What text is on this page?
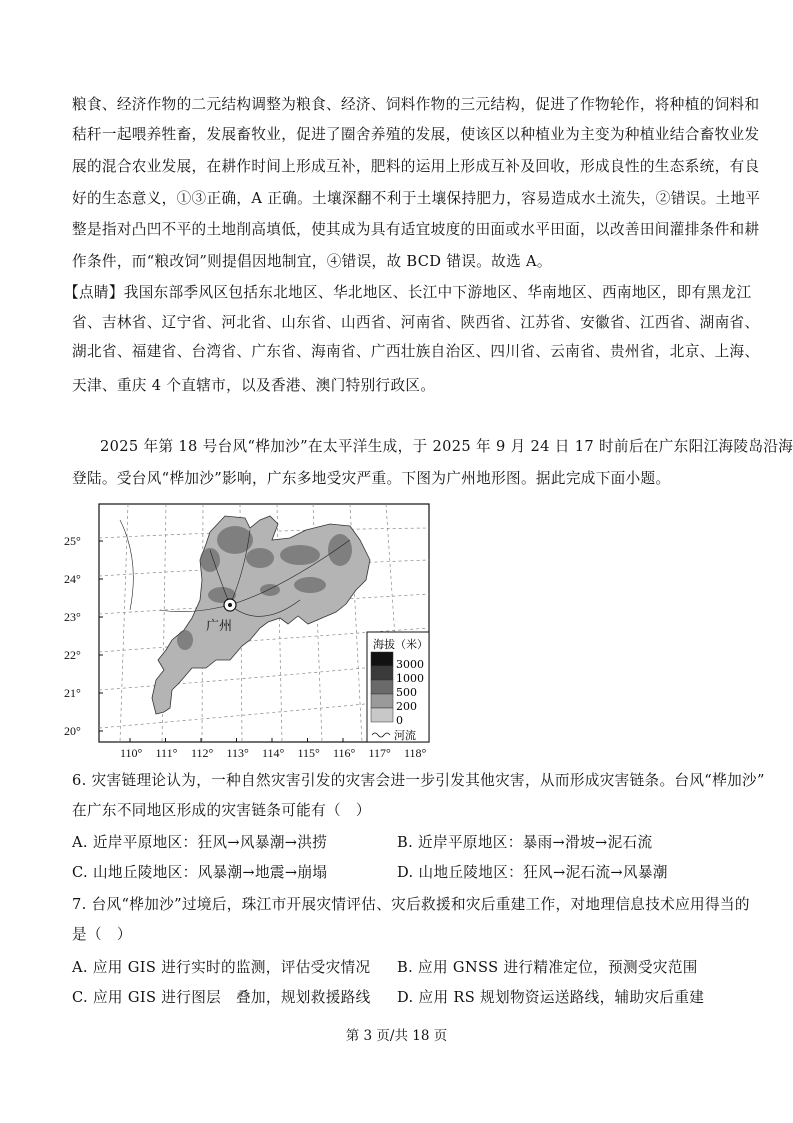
粮食、经济作物的二元结构调整为粮食、经济、饲料作物的三元结构，促进了作物轮作，将种植的饲料和
秸秆一起喂养牲畜，发展畜牧业，促进了圈舍养殖的发展，使该区以种植业为主变为种植业结合畜牧业发
展的混合农业发展，在耕作时间上形成互补，肥料的运用上形成互补及回收，形成良性的生态系统，有良
好的生态意义，①③正确，A 正确。土壤深翻不利于土壤保持肥力，容易造成水土流失，②错误。土地平
整是指对凸凹不平的土地削高填低，使其成为具有适宜坡度的田面或水平田面，以改善田间灌排条件和耕
作条件，而“粮改饲”则提倡因地制宜，④错误，故 BCD 错误。故选 A。
【点睛】我国东部季风区包括东北地区、华北地区、长江中下游地区、华南地区、西南地区，即有黑龙江
省、吉林省、辽宁省、河北省、山东省、山西省、河南省、陕西省、江苏省、安徽省、江西省、湖南省、
湖北省、福建省、台湾省、广东省、海南省、广西壮族自治区、四川省、云南省、贵州省，北京、上海、
天津、重庆 4 个直辖市，以及香港、澳门特别行政区。
2025 年第 18 号台风“桦加沙”在太平洋生成，于 2025 年 9 月 24 日 17 时前后在广东阳江海陵岛沿海
登陆。受台风“桦加沙”影响，广东多地受灾严重。下图为广州地形图。据此完成下面小题。
广州
25°
24°
23°
22°
21°
20°
110° 111° 112° 113° 114° 115° 116° 117° 118°
海拔（米）
3000
1000
500
200
0
河流
6. 灾害链理论认为，一种自然灾害引发的灾害会进一步引发其他灾害，从而形成灾害链条。台风“桦加沙”
在广东不同地区形成的灾害链条可能有（　）
A. 近岸平原地区：狂风→风暴潮→洪捞	B. 近岸平原地区：暴雨→滑坡→泥石流
C. 山地丘陵地区：风暴潮→地震→崩塌	D. 山地丘陵地区：狂风→泥石流→风暴潮
7. 台风“桦加沙”过境后，珠江市开展灾情评估、灾后救援和灾后重建工作，对地理信息技术应用得当的
是（　）
A. 应用 GIS 进行实时的监测，评估受灾情况 B. 应用 GNSS 进行精准定位，预测受灾范围
C. 应用 GIS 进行图层　叠加，规划救援路线 D. 应用 RS 规划物资运送路线，辅助灾后重建
第 3 页/共 18 页
